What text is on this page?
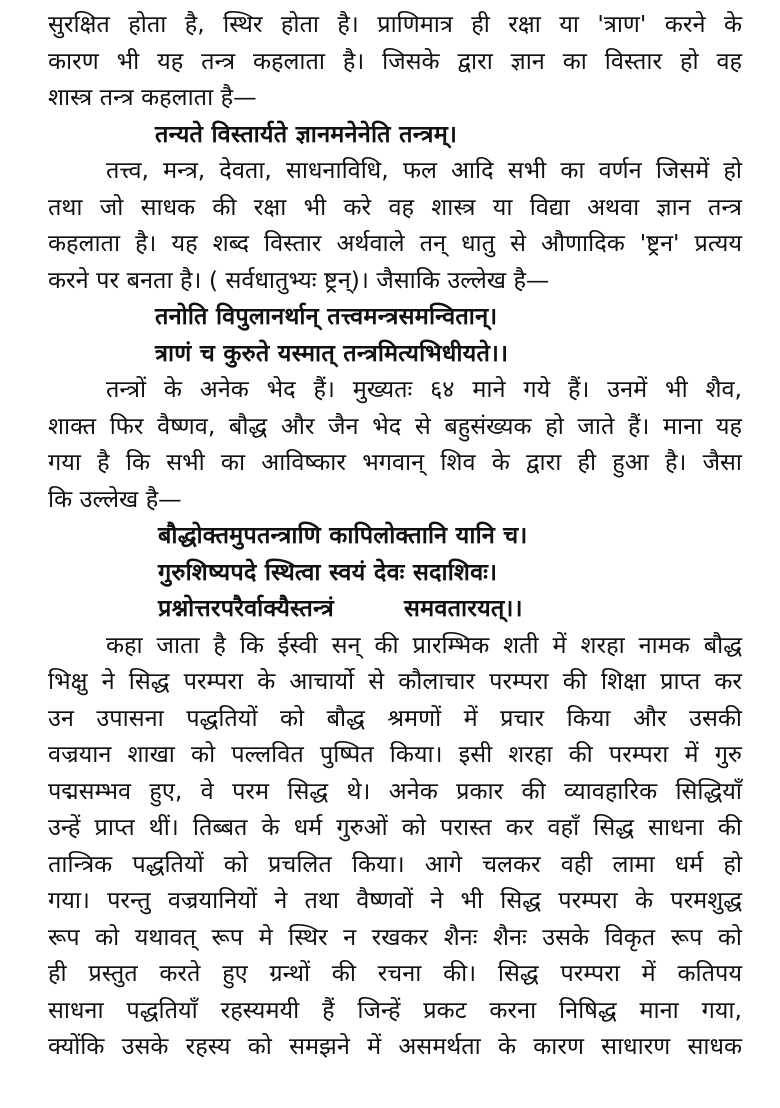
सुरक्षित होता है, स्थिर होता है। प्राणिमात्र ही रक्षा या 'त्राण' करने के
कारण भी यह तन्त्र कहलाता है। जिसके द्वारा ज्ञान का विस्तार हो वह
शास्त्र तन्त्र कहलाता है—
तन्यते विस्तार्यते ज्ञानमनेनेति तन्त्रम्।
तत्त्व, मन्त्र, देवता, साधनाविधि, फल आदि सभी का वर्णन जिसमें हो
तथा जो साधक की रक्षा भी करे वह शास्त्र या विद्या अथवा ज्ञान तन्त्र
कहलाता है। यह शब्द विस्तार अर्थवाले तन् धातु से औणादिक 'ष्ट्रन' प्रत्यय
करने पर बनता है। ( सर्वधातुभ्यः ष्ट्रन्)। जैसाकि उल्लेख है—
तनोति विपुलानर्थान् तत्त्वमन्त्रसमन्वितान्।
त्राणं च कुरुते यस्मात् तन्त्रमित्यभिधीयते।।
तन्त्रों के अनेक भेद हैं। मुख्यतः ६४ माने गये हैं। उनमें भी शैव,
शाक्त फिर वैष्णव, बौद्ध और जैन भेद से बहुसंख्यक हो जाते हैं। माना यह
गया है कि सभी का आविष्कार भगवान् शिव के द्वारा ही हुआ है। जैसा
कि उल्लेख है—
बौद्धोक्तमुपतन्त्राणि कापिलोक्तानि यानि च।
गुरुशिष्यपदे स्थित्वा स्वयं देवः सदाशिवः।
प्रश्नोत्तरपरैर्वाक्यैस्तन्त्रं	समवतारयत्।।
कहा जाता है कि ईस्वी सन् की प्रारम्भिक शती में शरहा नामक बौद्ध
भिक्षु ने सिद्ध परम्परा के आचार्यो से कौलाचार परम्परा की शिक्षा प्राप्त कर
उन उपासना पद्धतियों को बौद्ध श्रमणों में प्रचार किया और उसकी
वज्रयान शाखा को पल्लवित पुष्पित किया। इसी शरहा की परम्परा में गुरु
पद्मसम्भव हुए, वे परम सिद्ध थे। अनेक प्रकार की व्यावहारिक सिद्धियाँ
उन्हें प्राप्त थीं। तिब्बत के धर्म गुरुओं को परास्त कर वहाँ सिद्ध साधना की
तान्त्रिक पद्धतियों को प्रचलित किया। आगे चलकर वही लामा धर्म हो
गया। परन्तु वज्रयानियों ने तथा वैष्णवों ने भी सिद्ध परम्परा के परमशुद्ध
रूप को यथावत् रूप मे स्थिर न रखकर शैनः शैनः उसके विकृत रूप को
ही प्रस्तुत करते हुए ग्रन्थों की रचना की। सिद्ध परम्परा में कतिपय
साधना पद्धतियाँ रहस्यमयी हैं जिन्हें प्रकट करना निषिद्ध माना गया,
क्योंकि उसके रहस्य को समझने में असमर्थता के कारण साधारण साधक
